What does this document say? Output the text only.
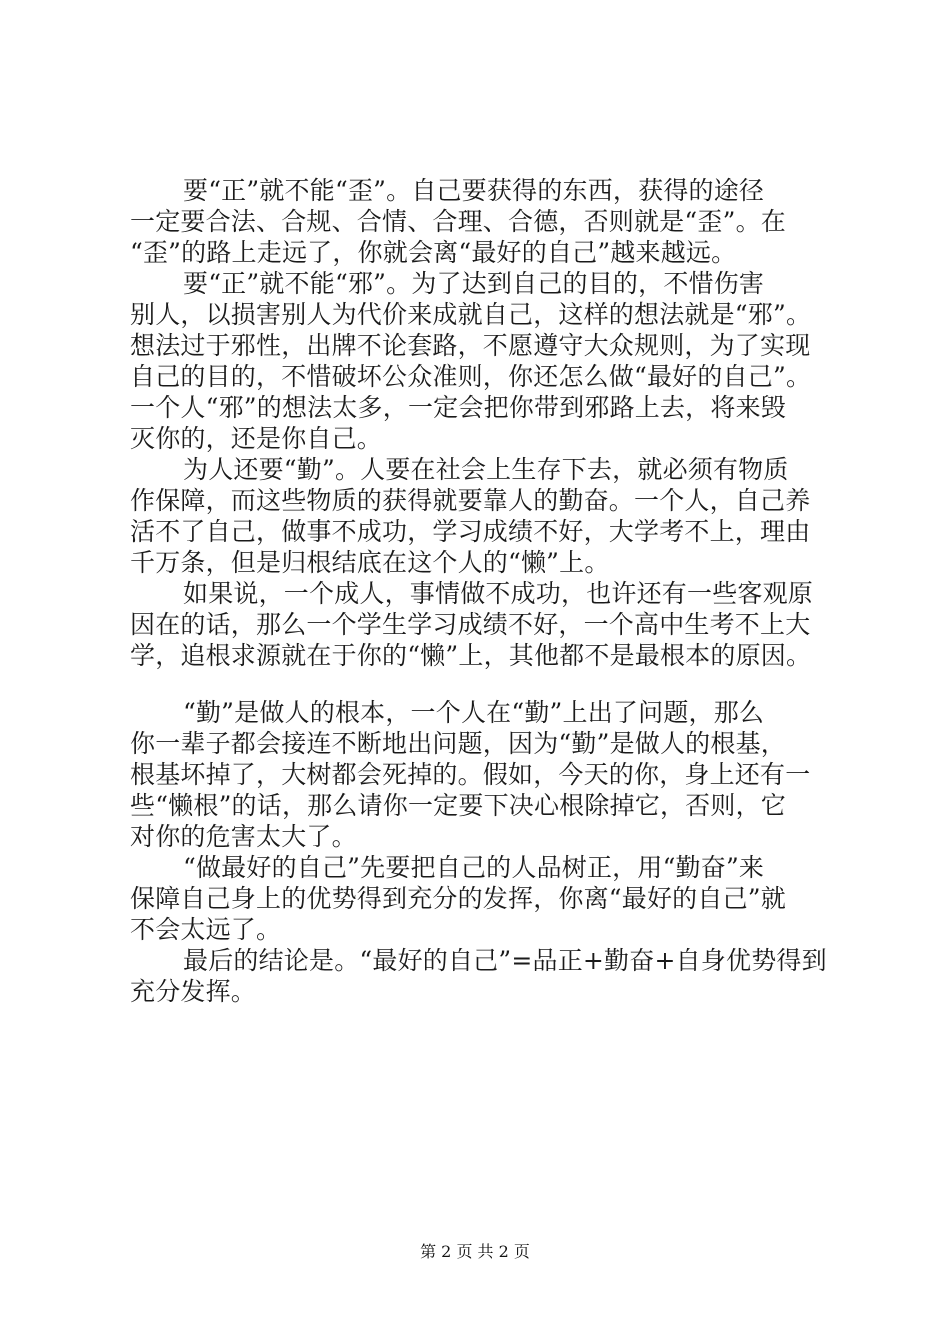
要“正”就不能“歪”。自己要获得的东西，获得的途径
一定要合法、合规、合情、合理、合德，否则就是“歪”。在
“歪”的路上走远了，你就会离“最好的自己”越来越远。
要“正”就不能“邪”。为了达到自己的目的，不惜伤害
别人，以损害别人为代价来成就自己，这样的想法就是“邪”。
想法过于邪性，出牌不论套路，不愿遵守大众规则，为了实现
自己的目的，不惜破坏公众准则，你还怎么做“最好的自己”。
一个人“邪”的想法太多，一定会把你带到邪路上去，将来毁
灭你的，还是你自己。
为人还要“勤”。人要在社会上生存下去，就必须有物质
作保障，而这些物质的获得就要靠人的勤奋。一个人，自己养
活不了自己，做事不成功，学习成绩不好，大学考不上，理由
千万条，但是归根结底在这个人的“懒”上。
如果说，一个成人，事情做不成功，也许还有一些客观原
因在的话，那么一个学生学习成绩不好，一个高中生考不上大
学，追根求源就在于你的“懒”上，其他都不是最根本的原因。
“勤”是做人的根本，一个人在“勤”上出了问题，那么
你一辈子都会接连不断地出问题，因为“勤”是做人的根基，
根基坏掉了，大树都会死掉的。假如，今天的你，身上还有一
些“懒根”的话，那么请你一定要下决心根除掉它，否则，它
对你的危害太大了。
“做最好的自己”先要把自己的人品树正，用“勤奋”来
保障自己身上的优势得到充分的发挥，你离“最好的自己”就
不会太远了。
最后的结论是。“最好的自己”=品正+勤奋+自身优势得到
充分发挥。
第 2 页 共 2 页
